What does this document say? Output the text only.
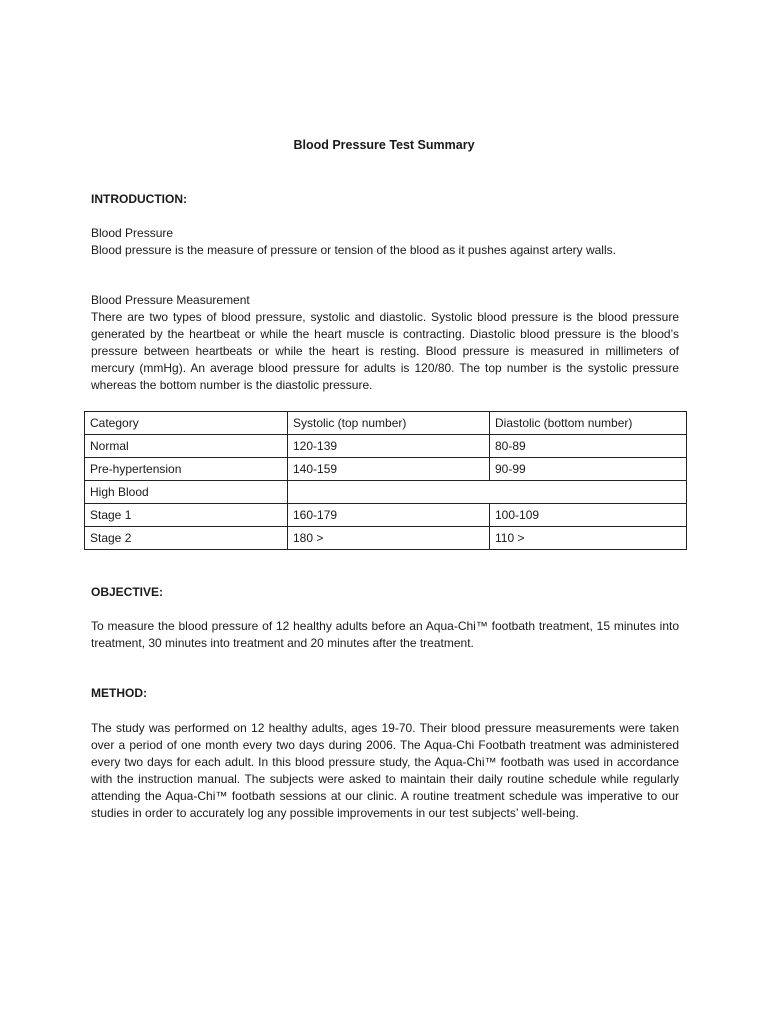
Blood Pressure Test Summary
INTRODUCTION:
Blood Pressure
Blood pressure is the measure of pressure or tension of the blood as it pushes against artery walls.
Blood Pressure Measurement
There are two types of blood pressure, systolic and diastolic. Systolic blood pressure is the blood pressure generated by the heartbeat or while the heart muscle is contracting. Diastolic blood pressure is the blood’s pressure between heartbeats or while the heart is resting. Blood pressure is measured in millimeters of mercury (mmHg). An average blood pressure for adults is 120/80. The top number is the systolic pressure whereas the bottom number is the diastolic pressure.
Category	Systolic (top number)	Diastolic (bottom number)
Normal	120-139	80-89
Pre-hypertension	140-159	90-99
High Blood		
Stage 1	160-179	100-109
Stage 2	180 >	110 >
OBJECTIVE:
To measure the blood pressure of 12 healthy adults before an Aqua-Chi™ footbath treatment, 15 minutes into treatment, 30 minutes into treatment and 20 minutes after the treatment.
METHOD:
The study was performed on 12 healthy adults, ages 19-70. Their blood pressure measurements were taken over a period of one month every two days during 2006. The Aqua-Chi Footbath treatment was administered every two days for each adult. In this blood pressure study, the Aqua-Chi™ footbath was used in accordance with the instruction manual. The subjects were asked to maintain their daily routine schedule while regularly attending the Aqua-Chi™ footbath sessions at our clinic. A routine treatment schedule was imperative to our studies in order to accurately log any possible improvements in our test subjects’ well-being.
